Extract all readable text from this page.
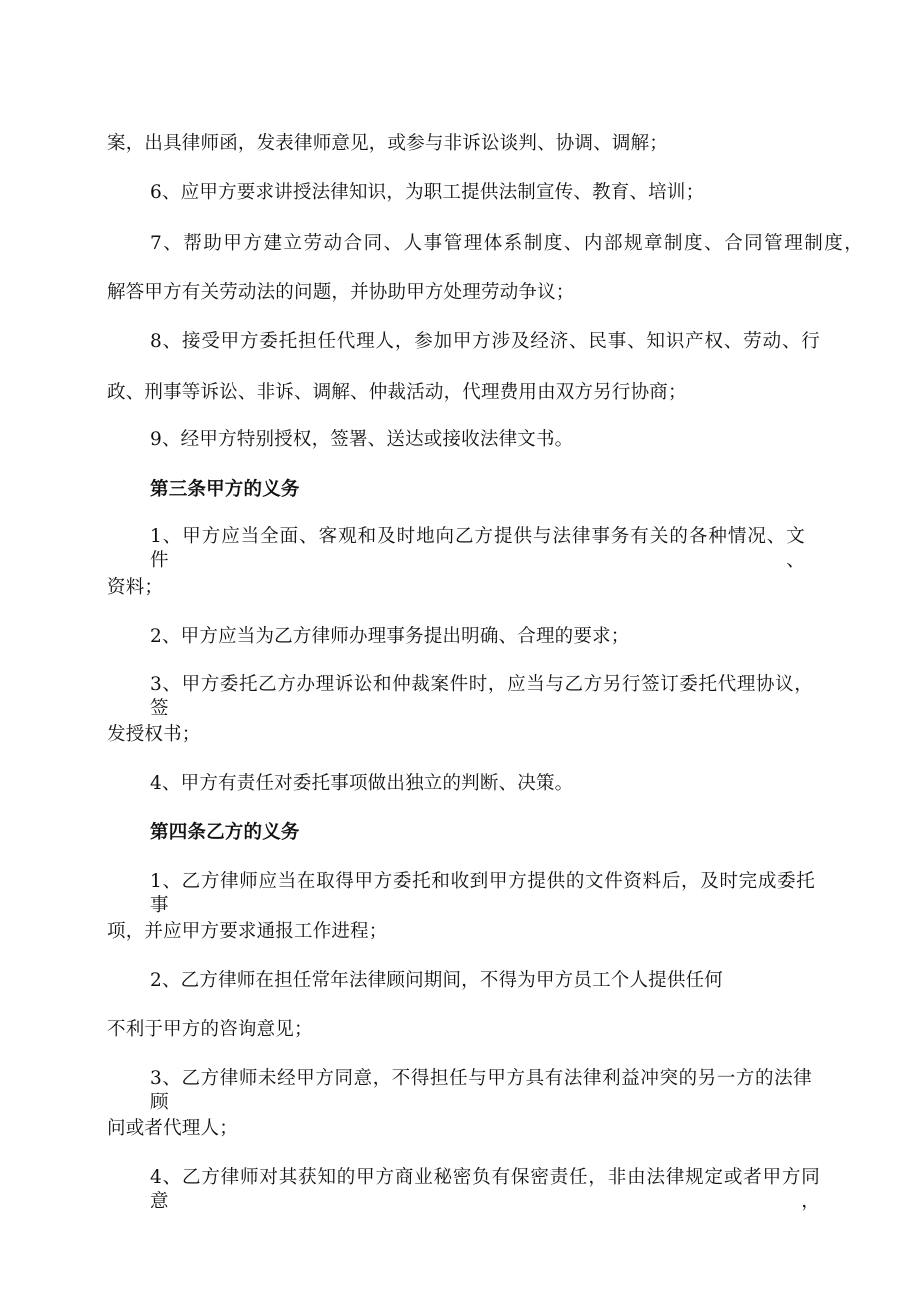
案，出具律师函，发表律师意见，或参与非诉讼谈判、协调、调解；
6、应甲方要求讲授法律知识，为职工提供法制宣传、教育、培训；
7、帮助甲方建立劳动合同、人事管理体系制度、内部规章制度、合同管理制度，
解答甲方有关劳动法的问题，并协助甲方处理劳动争议；
8、接受甲方委托担任代理人，参加甲方涉及经济、民事、知识产权、劳动、行
政、刑事等诉讼、非诉、调解、仲裁活动，代理费用由双方另行协商；
9、经甲方特别授权，签署、送达或接收法律文书。
第三条甲方的义务
1、甲方应当全面、客观和及时地向乙方提供与法律事务有关的各种情况、文件、
资料；
2、甲方应当为乙方律师办理事务提出明确、合理的要求；
3、甲方委托乙方办理诉讼和仲裁案件时，应当与乙方另行签订委托代理协议，签
发授权书；
4、甲方有责任对委托事项做出独立的判断、决策。
第四条乙方的义务
1、乙方律师应当在取得甲方委托和收到甲方提供的文件资料后，及时完成委托事
项，并应甲方要求通报工作进程；
2、乙方律师在担任常年法律顾问期间，不得为甲方员工个人提供任何
不利于甲方的咨询意见；
3、乙方律师未经甲方同意，不得担任与甲方具有法律利益冲突的另一方的法律顾
问或者代理人；
4、乙方律师对其获知的甲方商业秘密负有保密责任，非由法律规定或者甲方同意，
